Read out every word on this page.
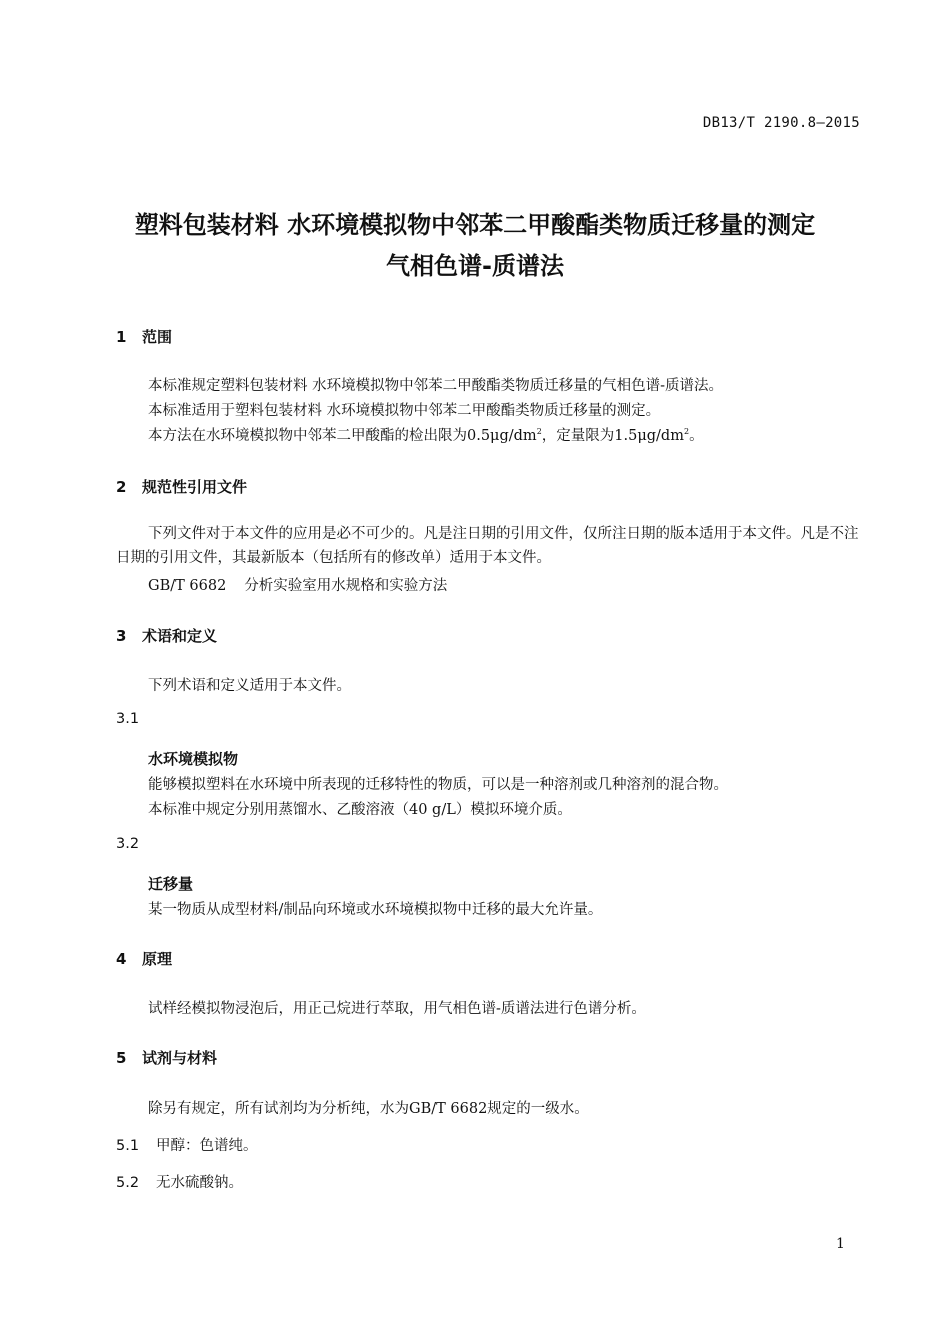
DB13/T 2190.8—2015
塑料包装材料 水环境模拟物中邻苯二甲酸酯类物质迁移量的测定
气相色谱-质谱法
1 范围
本标准规定塑料包装材料 水环境模拟物中邻苯二甲酸酯类物质迁移量的气相色谱-质谱法。
本标准适用于塑料包装材料 水环境模拟物中邻苯二甲酸酯类物质迁移量的测定。
本方法在水环境模拟物中邻苯二甲酸酯的检出限为$0.5\mu g/dm^2$，定量限为$1.5\mu g/dm^2$。
2 规范性引用文件
下列文件对于本文件的应用是必不可少的。凡是注日期的引用文件，仅所注日期的版本适用于本文件。凡是不注日期的引用文件，其最新版本（包括所有的修改单）适用于本文件。
GB/T 6682 分析实验室用水规格和实验方法
3 术语和定义
下列术语和定义适用于本文件。
3.1
水环境模拟物
能够模拟塑料在水环境中所表现的迁移特性的物质，可以是一种溶剂或几种溶剂的混合物。
本标准中规定分别用蒸馏水、乙酸溶液（40 g/L）模拟环境介质。
3.2
迁移量
某一物质从成型材料/制品向环境或水环境模拟物中迁移的最大允许量。
4 原理
试样经模拟物浸泡后，用正己烷进行萃取，用气相色谱-质谱法进行色谱分析。
5 试剂与材料
除另有规定，所有试剂均为分析纯，水为GB/T 6682规定的一级水。
5.1 甲醇：色谱纯。
5.2 无水硫酸钠。
1
